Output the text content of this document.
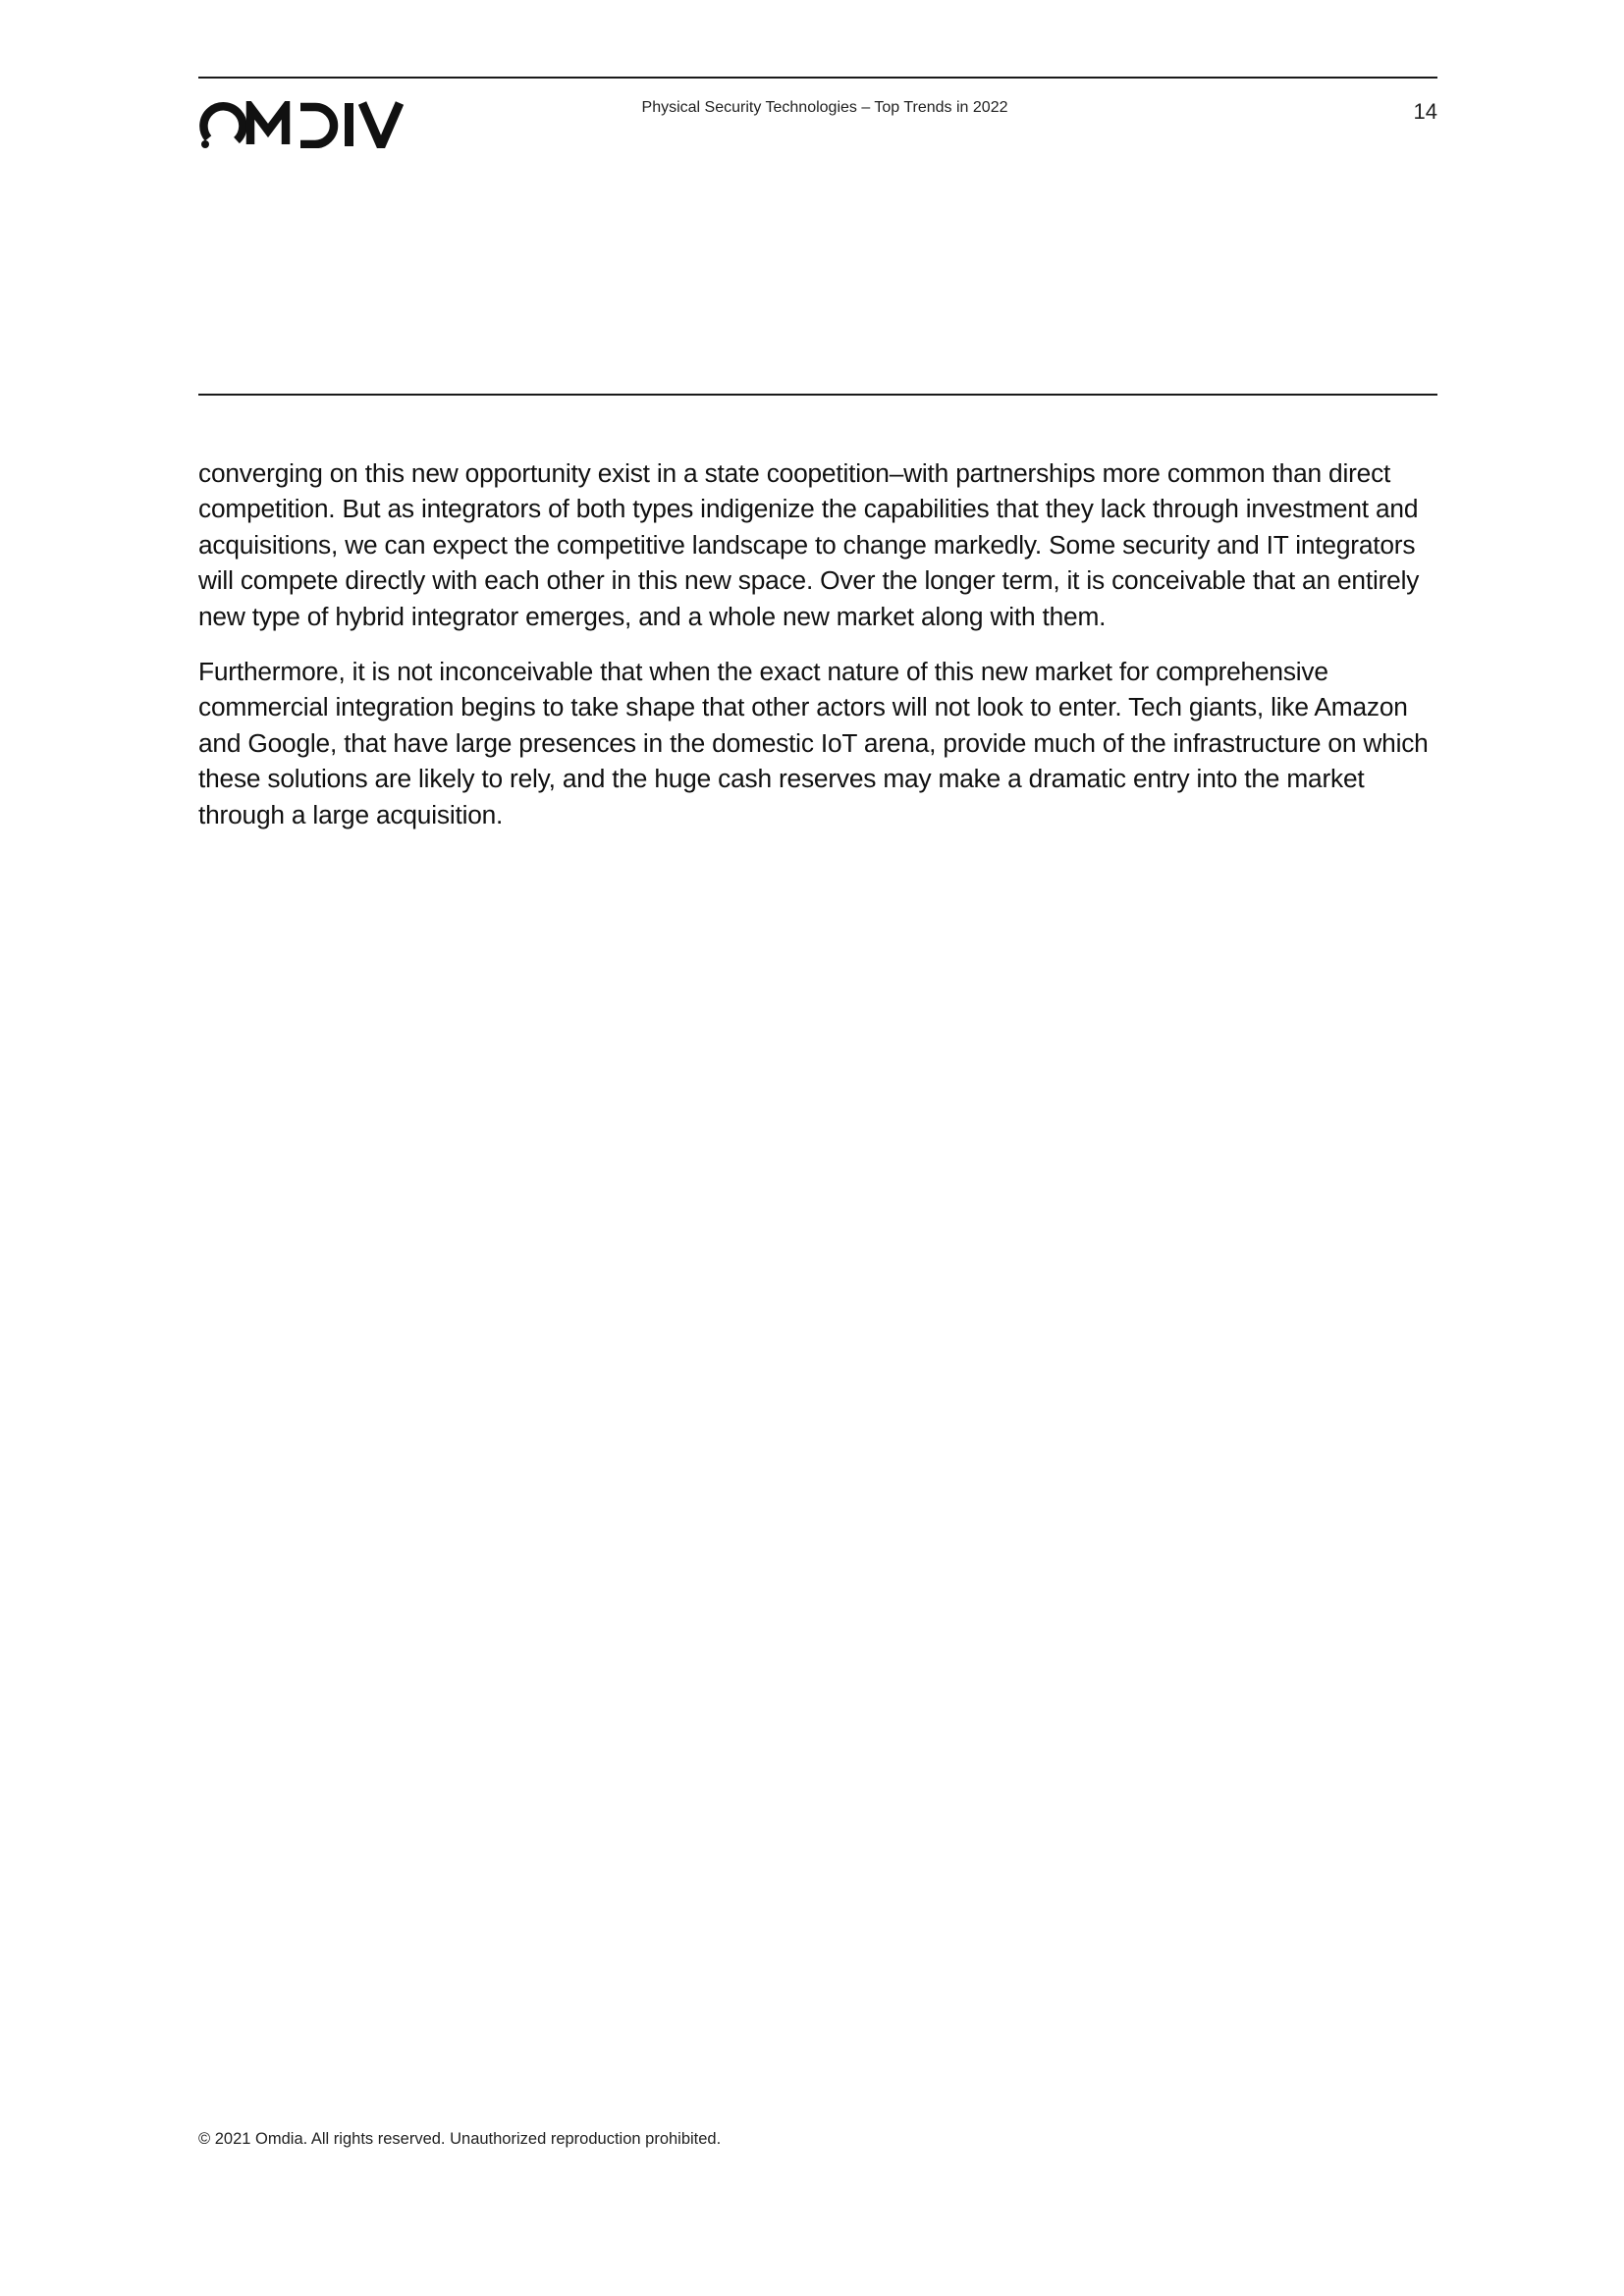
Physical Security Technologies – Top Trends in 2022	14

converging on this new opportunity exist in a state coopetition–with partnerships more common than direct competition. But as integrators of both types indigenize the capabilities that they lack through investment and acquisitions, we can expect the competitive landscape to change markedly. Some security and IT integrators will compete directly with each other in this new space. Over the longer term, it is conceivable that an entirely new type of hybrid integrator emerges, and a whole new market along with them.

Furthermore, it is not inconceivable that when the exact nature of this new market for comprehensive commercial integration begins to take shape that other actors will not look to enter. Tech giants, like Amazon and Google, that have large presences in the domestic IoT arena, provide much of the infrastructure on which these solutions are likely to rely, and the huge cash reserves may make a dramatic entry into the market through a large acquisition.

© 2021 Omdia. All rights reserved. Unauthorized reproduction prohibited.
